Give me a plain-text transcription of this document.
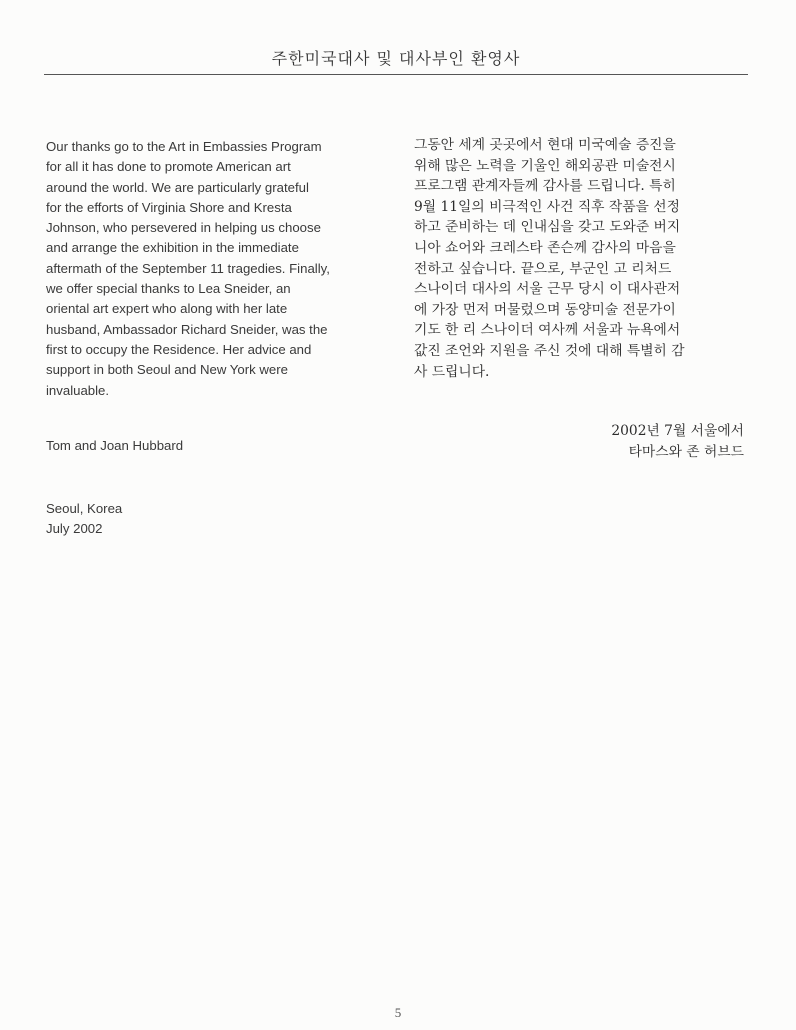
주한미국대사 및 대사부인 환영사
Our thanks go to the Art in Embassies Program
for all it has done to promote American art
around the world. We are particularly grateful
for the efforts of Virginia Shore and Kresta
Johnson, who persevered in helping us choose
and arrange the exhibition in the immediate
aftermath of the September 11 tragedies. Finally,
we offer special thanks to Lea Sneider, an
oriental art expert who along with her late
husband, Ambassador Richard Sneider, was the
first to occupy the Residence. Her advice and
support in both Seoul and New York were
invaluable.
그동안 세계 곳곳에서 현대 미국예술 증진을
위해 많은 노력을 기울인 해외공관 미술전시
프로그램 관계자들께 감사를 드립니다. 특히
9월 11일의 비극적인 사건 직후 작품을 선정
하고 준비하는 데 인내심을 갖고 도와준 버지
니아 쇼어와 크레스타 존슨께 감사의 마음을
전하고 싶습니다. 끝으로, 부군인 고 리처드
스나이더 대사의 서울 근무 당시 이 대사관저
에 가장 먼저 머물렀으며 동양미술 전문가이
기도 한 리 스나이더 여사께 서울과 뉴욕에서
값진 조언와 지원을 주신 것에 대해 특별히 감
사 드립니다.
2002년 7월 서울에서
타마스와 존 허브드
Tom and Joan Hubbard
Seoul, Korea
July 2002
5
